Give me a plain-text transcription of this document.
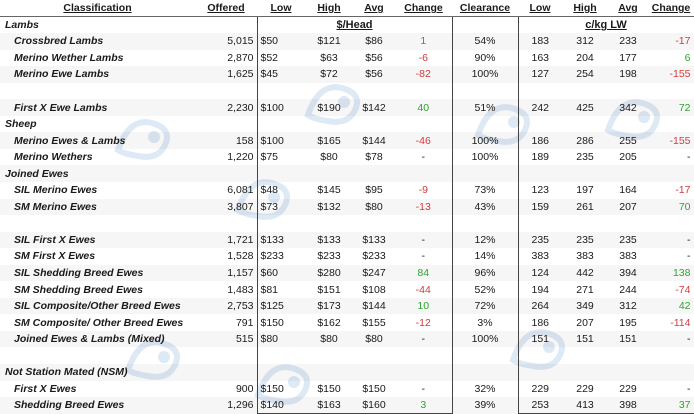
Classification	Offered	Low	High	Avg	Change	Clearance	Low	High	Avg	Change
Lambs		$/Head					c/kg LW			
Crossbred Lambs	5,015	$50	$121	$86	1	54%	183	312	233	-17
Merino Wether Lambs	2,870	$52	$63	$56	-6	90%	163	204	177	6
Merino Ewe Lambs	1,625	$45	$72	$56	-82	100%	127	254	198	-155

First X Ewe Lambs	2,230	$100	$190	$142	40	51%	242	425	342	72
Sheep										
Merino Ewes & Lambs	158	$100	$165	$144	-46	100%	186	286	255	-155
Merino Wethers	1,220	$75	$80	$78	-	100%	189	235	205	-
Joined Ewes										
SIL Merino Ewes	6,081	$48	$145	$95	-9	73%	123	197	164	-17
SM Merino Ewes	3,807	$73	$132	$80	-13	43%	159	261	207	70

SIL First X Ewes	1,721	$133	$133	$133	-	12%	235	235	235	-
SM First X Ewes	1,528	$233	$233	$233	-	14%	383	383	383	-
SIL Shedding Breed Ewes	1,157	$60	$280	$247	84	96%	124	442	394	138
SM Shedding Breed Ewes	1,483	$81	$151	$108	-44	52%	194	271	244	-74
SIL Composite/Other Breed Ewes	2,753	$125	$173	$144	10	72%	264	349	312	42
SM Composite/ Other Breed Ewes	791	$150	$162	$155	-12	3%	186	207	195	-114
Joined Ewes & Lambs (Mixed)	515	$80	$80	$80	-	100%	151	151	151	-

Not Station Mated (NSM)										
First X Ewes	900	$150	$150	$150	-	32%	229	229	229	-
Shedding Breed Ewes	1,296	$140	$163	$160	3	39%	253	413	398	37
